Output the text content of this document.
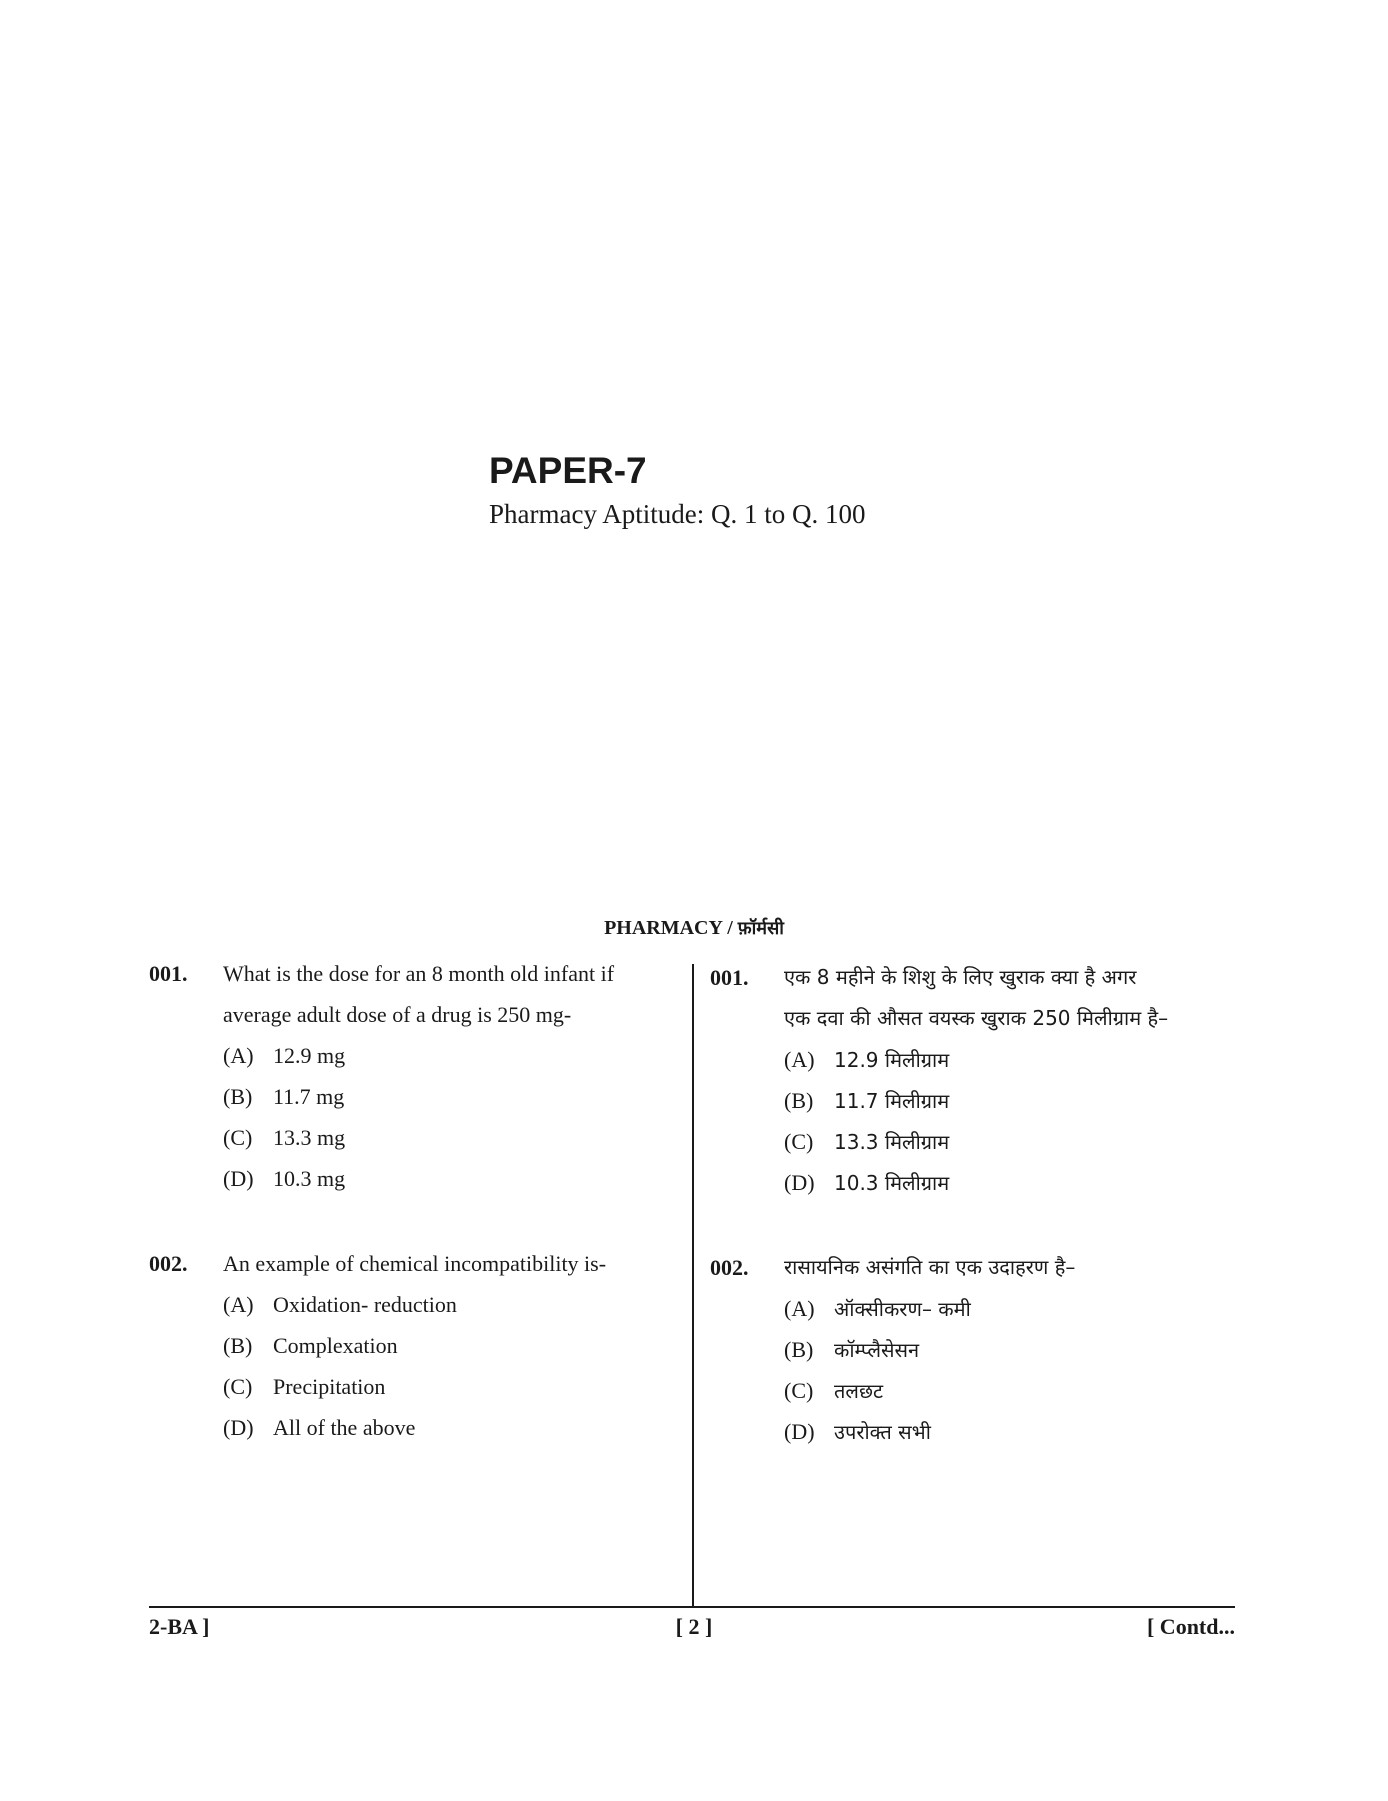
PAPER-7

Pharmacy Aptitude: Q. 1 to Q. 100

PHARMACY / फ़ॉर्मसी
001. What is the dose for an 8 month old infant if
average adult dose of a drug is 250 mg-
(A) 12.9 mg
(B) 11.7 mg
(C) 13.3 mg
(D) 10.3 mg
002. An example of chemical incompatibility is-
(A) Oxidation- reduction
(B) Complexation
(C) Precipitation
(D) All of the above
001. एक 8 महीने के शिशु के लिए खुराक क्या है अगर
एक दवा की औसत वयस्क खुराक 250 मिलीग्राम है–
(A) 12.9 मिलीग्राम
(B) 11.7 मिलीग्राम
(C) 13.3 मिलीग्राम
(D) 10.3 मिलीग्राम
002. रासायनिक असंगति का एक उदाहरण है–
(A) ऑक्सीकरण– कमी
(B) कॉम्प्लैसेसन
(C) तलछट
(D) उपरोक्त सभी
2-BA ]	[ 2 ]	[ Contd...
